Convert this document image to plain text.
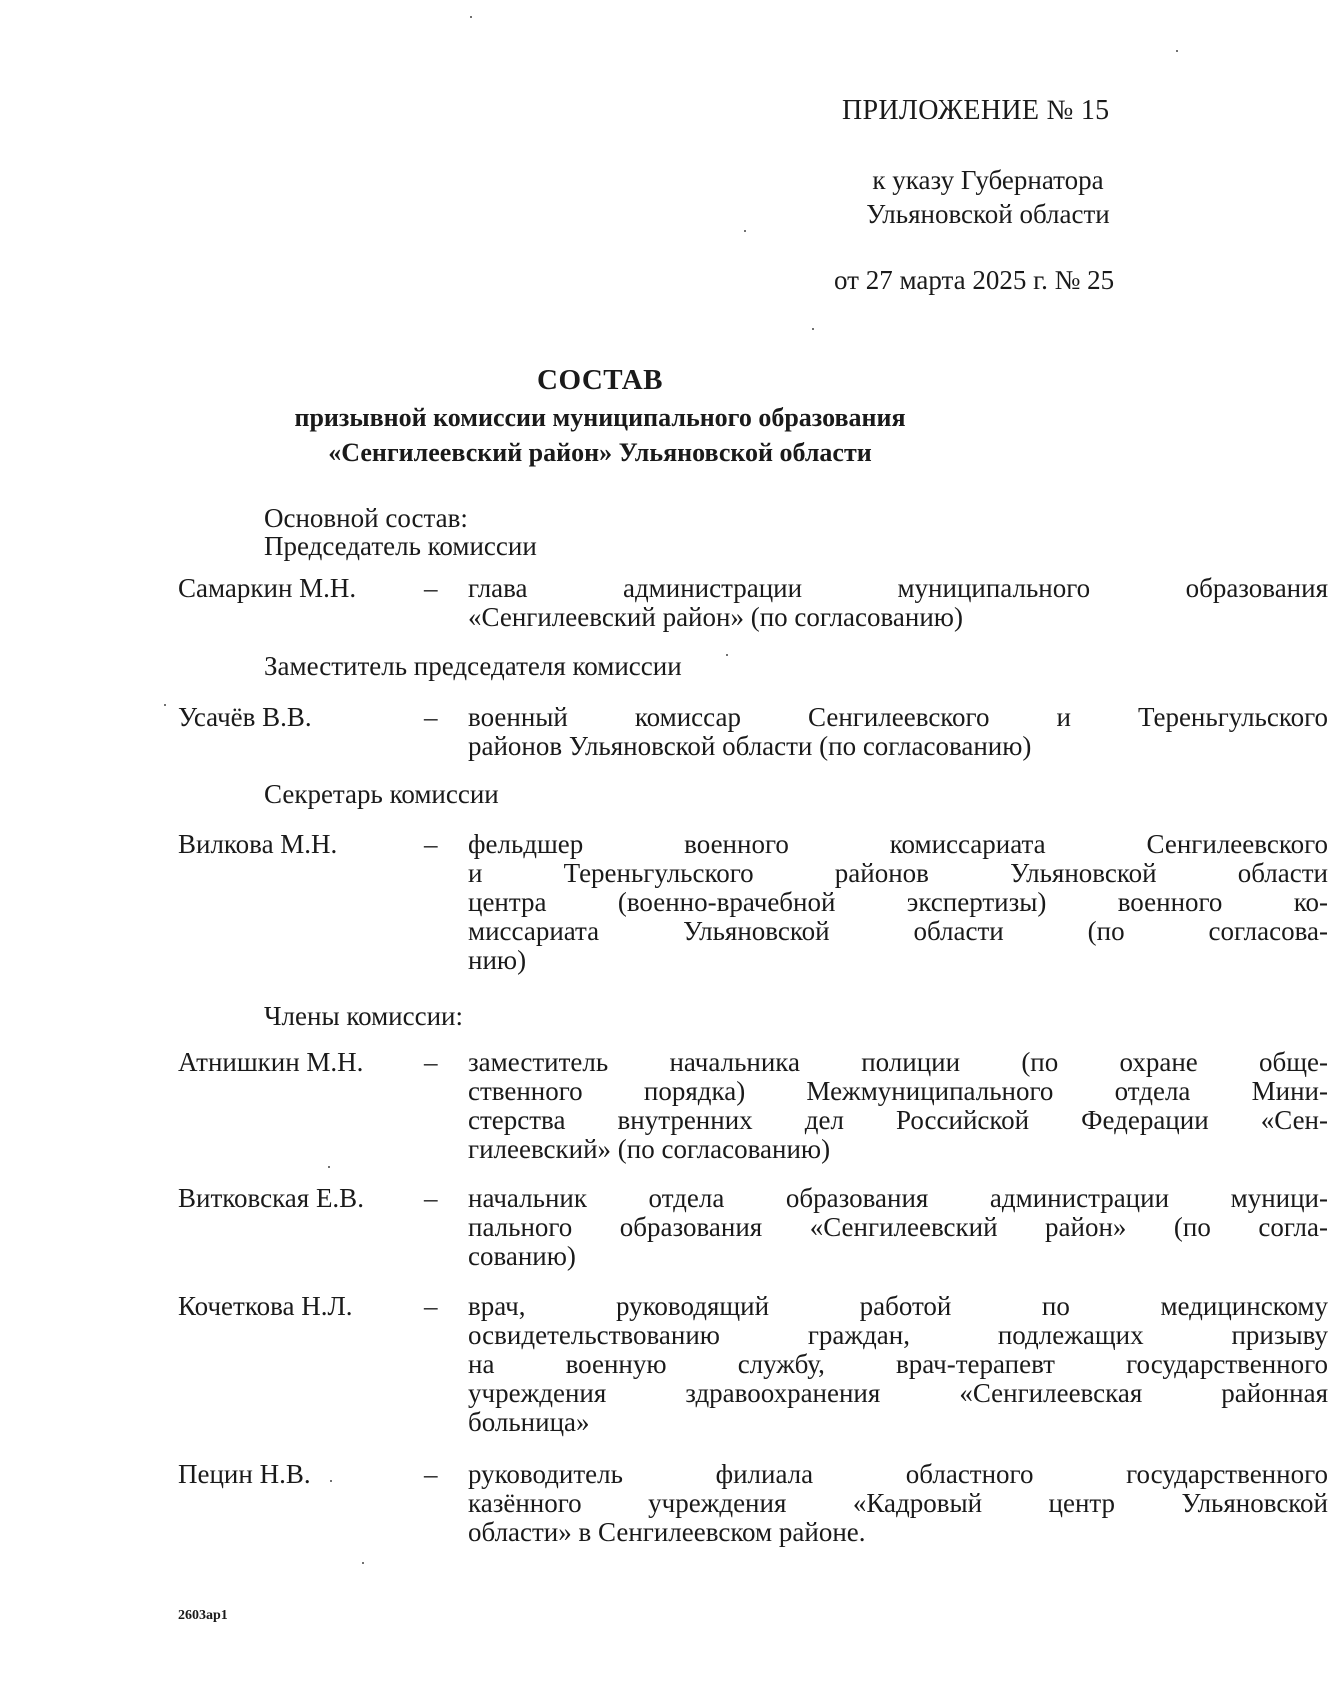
ПРИЛОЖЕНИЕ № 15
к указу Губернатора
Ульяновской области
от 27 марта 2025 г. № 25
СОСТАВ
призывной комиссии муниципального образования
«Сенгилеевский район» Ульяновской области
Основной состав:
Председатель комиссии
Самаркин М.Н.	– глава администрации муниципального образования
«Сенгилеевский район» (по согласованию)
Заместитель председателя комиссии
Усачёв В.В.	– военный комиссар Сенгилеевского и Тереньгульского
районов Ульяновской области (по согласованию)
Секретарь комиссии
Вилкова М.Н.	– фельдшер военного комиссариата Сенгилеевского
и Тереньгульского районов Ульяновской области
центра (военно-врачебной экспертизы) военного ко-
миссариата Ульяновской области (по согласова-
нию)
Члены комиссии:
Атнишкин М.Н. – заместитель начальника полиции (по охране обще-
ственного порядка) Межмуниципального отдела Мини-
стерства внутренних дел Российской Федерации «Сен-
гилеевский» (по согласованию)
Витковская Е.В. – начальник отдела образования администрации муници-
пального образования «Сенгилеевский район» (по согла-
сованию)
Кочеткова Н.Л.	– врач, руководящий работой по медицинскому
освидетельствованию граждан, подлежащих призыву
на военную службу, врач-терапевт государственного
учреждения здравоохранения «Сенгилеевская районная
больница»
Пецин Н.В.	– руководитель филиала областного государственного
казённого учреждения «Кадровый центр Ульяновской
области» в Сенгилеевском районе.
2603ар1
